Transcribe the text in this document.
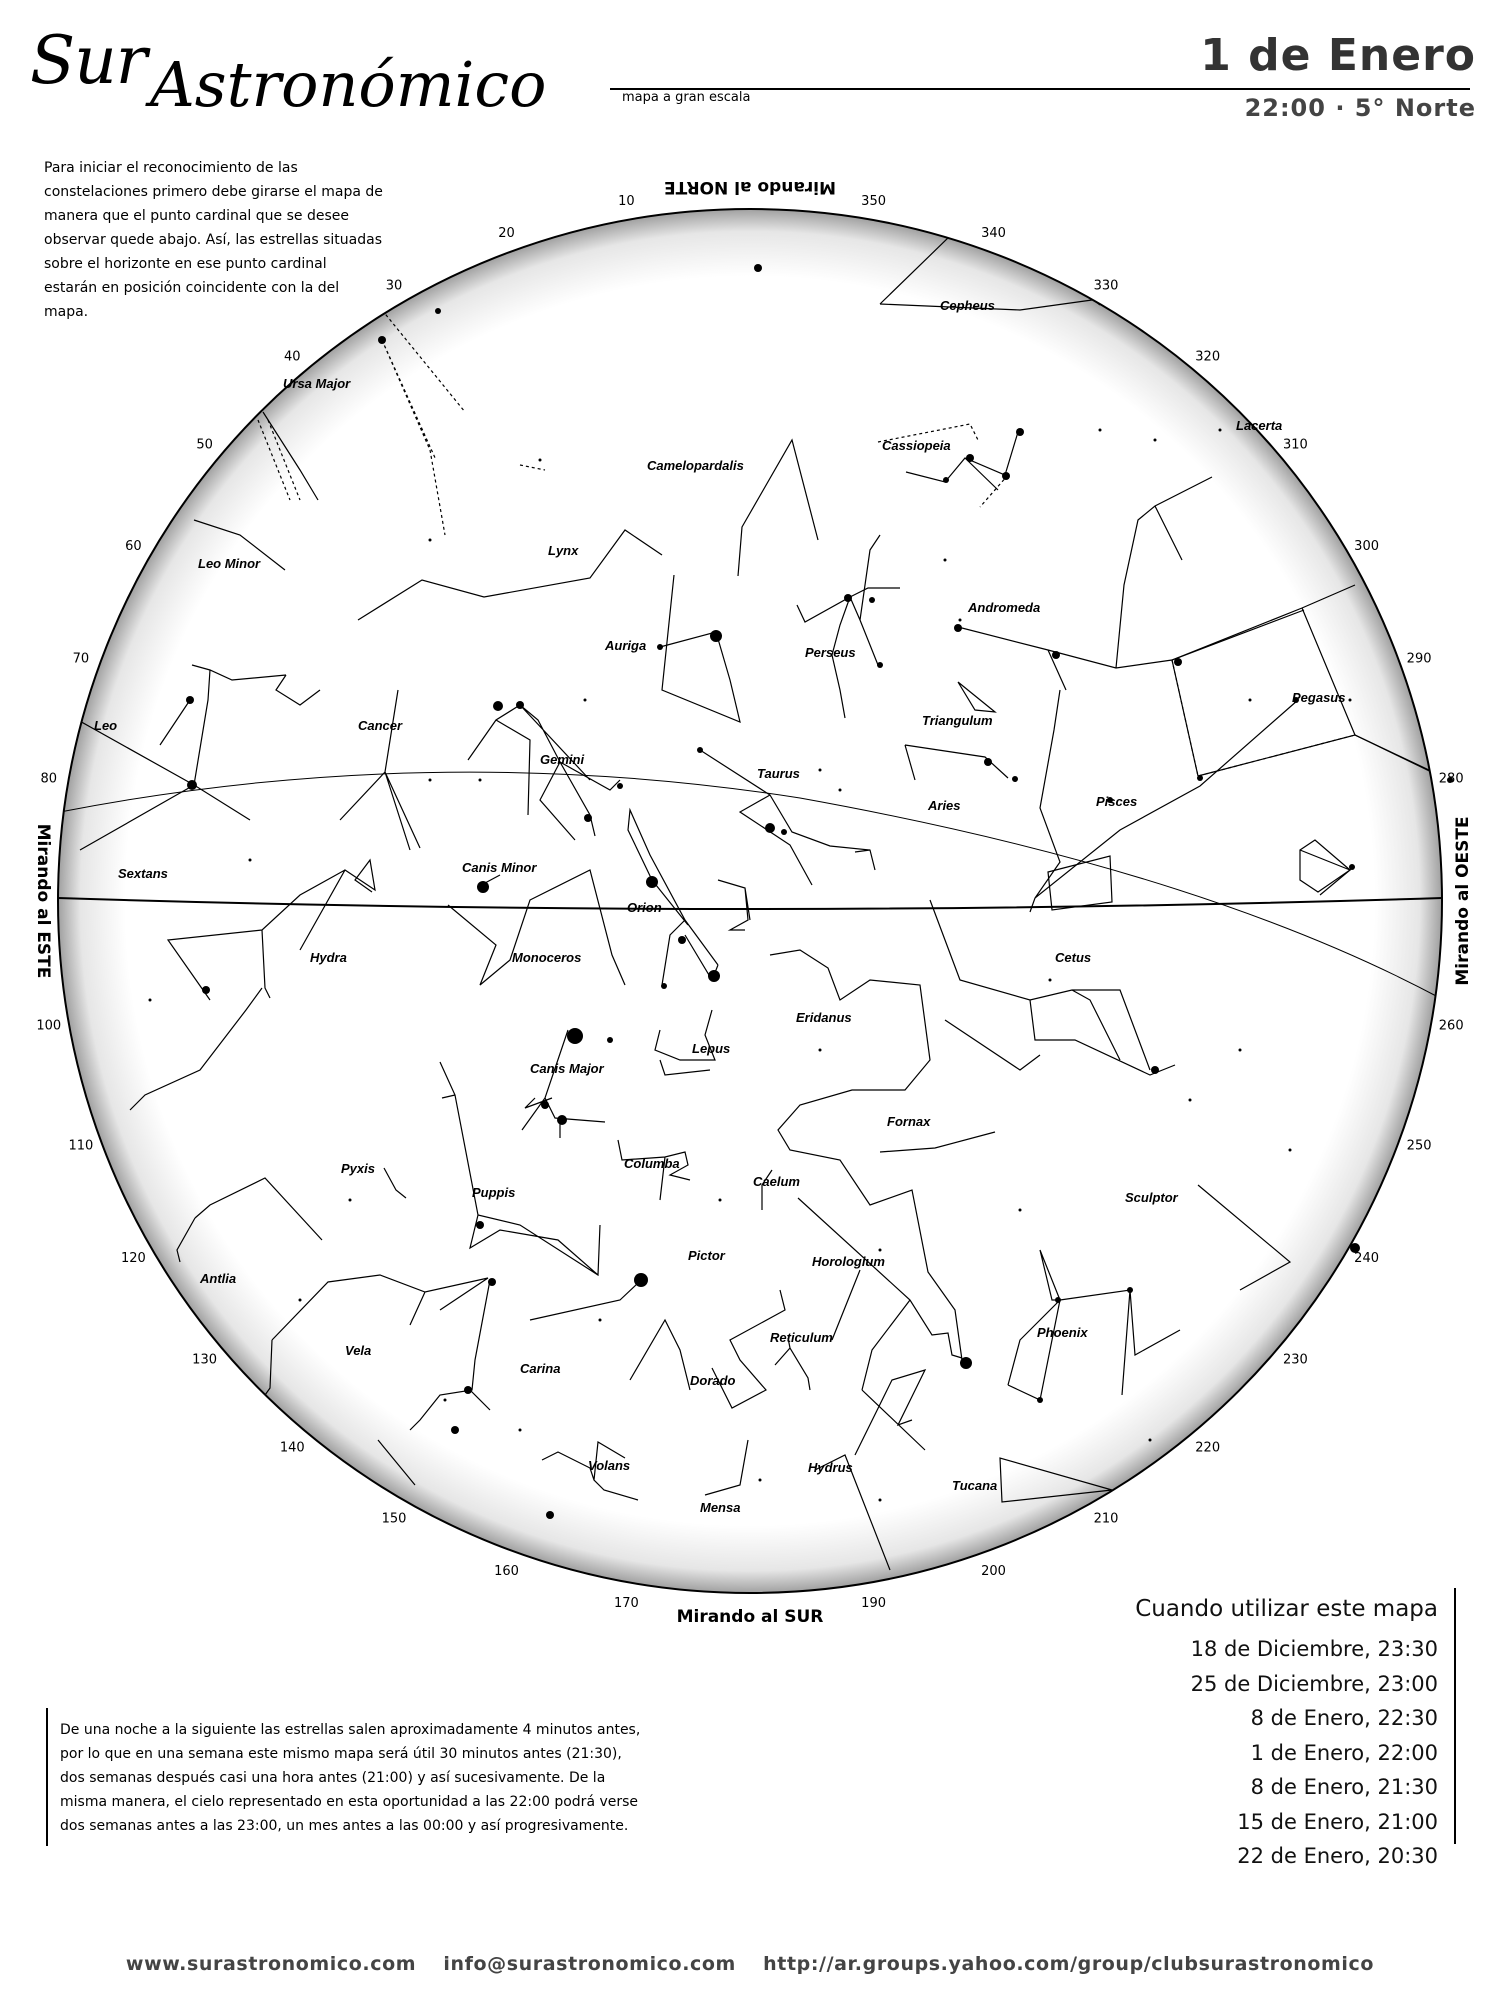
Sur Astronómico	mapa a gran escala
1 de Enero
22:00 · 5° Norte
Para iniciar el reconocimiento de las constelaciones primero debe girarse el mapa de manera que el punto cardinal que se desee observar quede abajo. Así, las estrellas situadas sobre el horizonte en ese punto cardinal estarán en posición coincidente con la del mapa.	Cepheus
Cassiopeia
Lacerta
Ursa Major
Camelopardalis
Lynx
Leo Minor
Andromeda
Auriga	Perseus
Triangulum
Pegasus
Leo	Cancer
Gemini
Taurus
Aries	Pisces
Sextans	Canis Minor
Orion
Hydra	Monoceros	Cetus
Eridanus
Lepus
Canis Major
Fornax
Pyxis	Columba
Caelum
Sculptor
Puppis
Pictor	Horologium
Antlia
Vela
Reticulum	Phoenix
Carina
Dorado
Volans	Hydrus
Tucana
Mensa
10
20
30
40
50
60
70
80
100
110
120
130
140
150
160
170	190
200
210
220
230
240
250
260
280
290
300
310
320
330
340
350
Mirando al NORTE
Mirando al SUR
Mirando al ESTE	Mirando al OESTE
Cuando utilizar este mapa
18 de Diciembre, 23:30
25 de Diciembre, 23:00
8 de Enero, 22:30
1 de Enero, 22:00
8 de Enero, 21:30
15 de Enero, 21:00
22 de Enero, 20:30
De una noche a la siguiente las estrellas salen aproximadamente 4 minutos antes, por lo que en una semana este mismo mapa será útil 30 minutos antes (21:30), dos semanas después casi una hora antes (21:00) y así sucesivamente. De la misma manera, el cielo representado en esta oportunidad a las 22:00 podrá verse dos semanas antes a las 23:00, un mes antes a las 00:00 y así progresivamente.
www.surastronomico.com info@surastronomico.com http://ar.groups.yahoo.com/group/clubsurastronomico
